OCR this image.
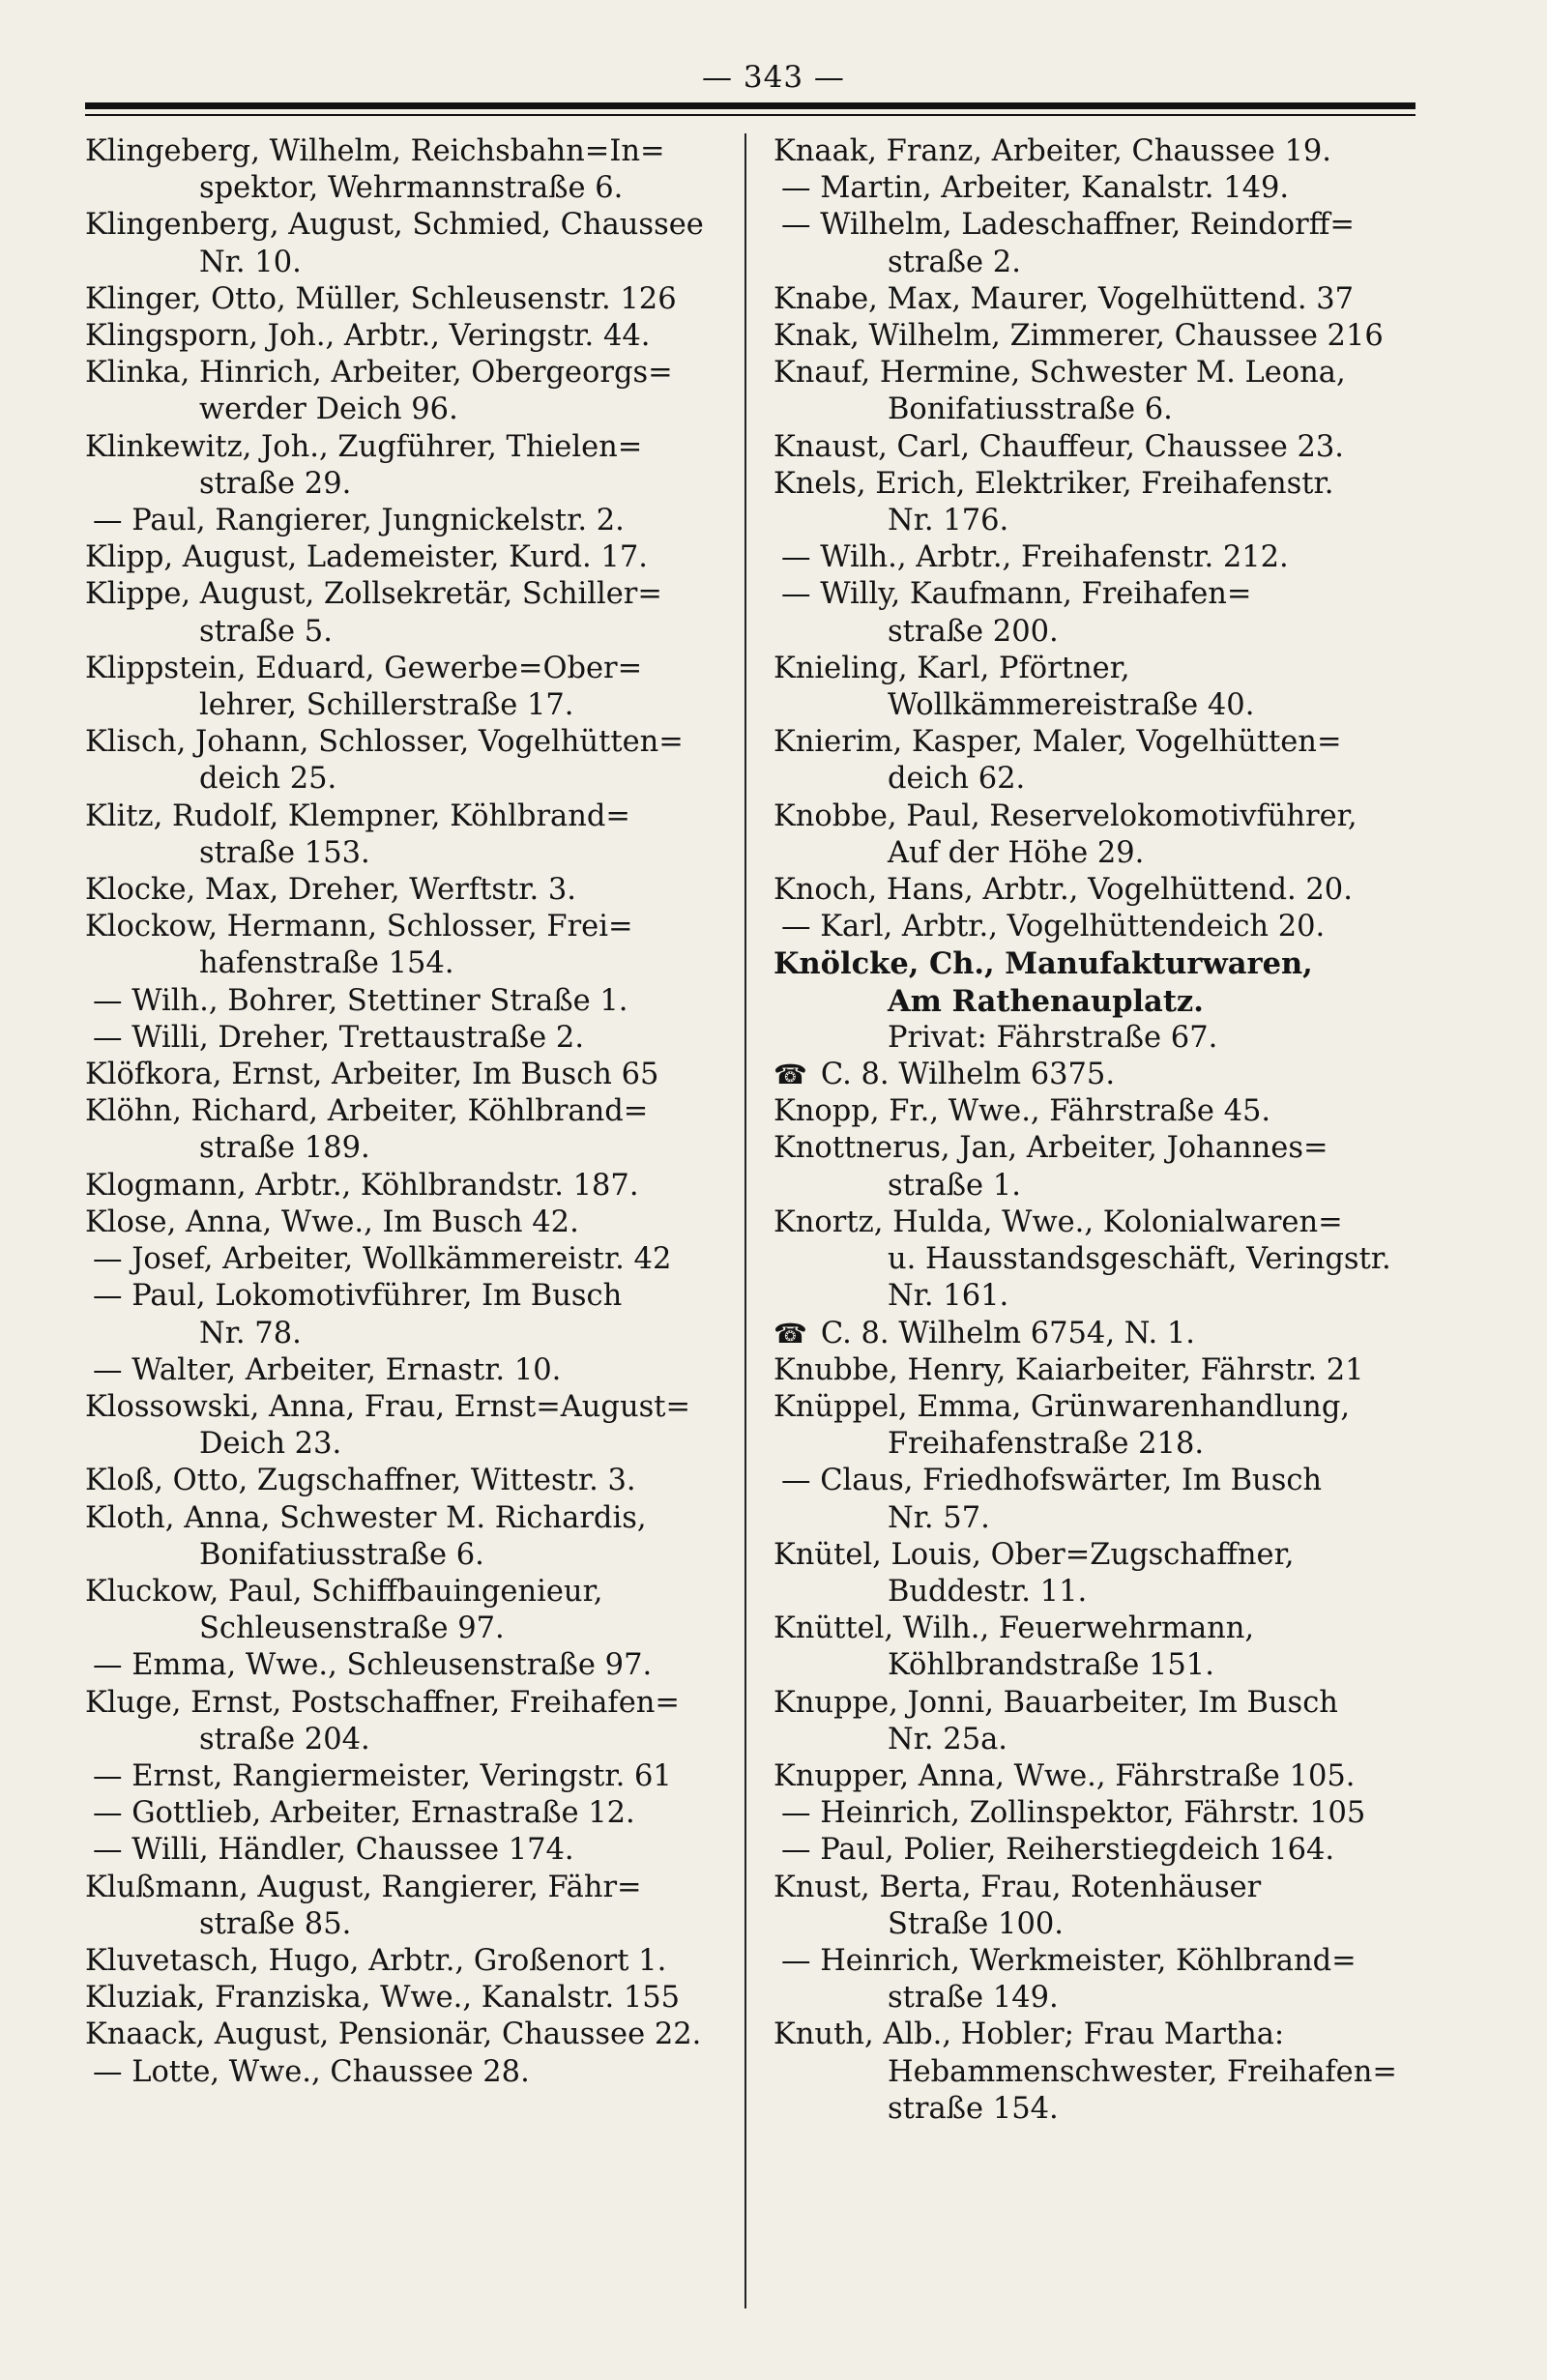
— 343 —
Klingeberg, Wilhelm, Reichsbahn=In=
spektor, Wehrmannstraße 6.
Klingenberg, August, Schmied, Chaussee
Nr. 10.
Klinger, Otto, Müller, Schleusenstr. 126
Klingsporn, Joh., Arbtr., Veringstr. 44.
Klinka, Hinrich, Arbeiter, Obergeorgs=
werder Deich 96.
Klinkewitz, Joh., Zugführer, Thielen=
straße 29.
— Paul, Rangierer, Jungnickelstr. 2.
Klipp, August, Lademeister, Kurd. 17.
Klippe, August, Zollsekretär, Schiller=
straße 5.
Klippstein, Eduard, Gewerbe=Ober=
lehrer, Schillerstraße 17.
Klisch, Johann, Schlosser, Vogelhütten=
deich 25.
Klitz, Rudolf, Klempner, Köhlbrand=
straße 153.
Klocke, Max, Dreher, Werftstr. 3.
Klockow, Hermann, Schlosser, Frei=
hafenstraße 154.
— Wilh., Bohrer, Stettiner Straße 1.
— Willi, Dreher, Trettaustraße 2.
Klöfkora, Ernst, Arbeiter, Im Busch 65
Klöhn, Richard, Arbeiter, Köhlbrand=
straße 189.
Klogmann, Arbtr., Köhlbrandstr. 187.
Klose, Anna, Wwe., Im Busch 42.
— Josef, Arbeiter, Wollkämmereistr. 42
— Paul, Lokomotivführer, Im Busch
Nr. 78.
— Walter, Arbeiter, Ernastr. 10.
Klossowski, Anna, Frau, Ernst=August=
Deich 23.
Kloß, Otto, Zugschaffner, Wittestr. 3.
Kloth, Anna, Schwester M. Richardis,
Bonifatiusstraße 6.
Kluckow, Paul, Schiffbauingenieur,
Schleusenstraße 97.
— Emma, Wwe., Schleusenstraße 97.
Kluge, Ernst, Postschaffner, Freihafen=
straße 204.
— Ernst, Rangiermeister, Veringstr. 61
— Gottlieb, Arbeiter, Ernastraße 12.
— Willi, Händler, Chaussee 174.
Klußmann, August, Rangierer, Fähr=
straße 85.
Kluvetasch, Hugo, Arbtr., Großenort 1.
Kluziak, Franziska, Wwe., Kanalstr. 155
Knaack, August, Pensionär, Chaussee 22.
— Lotte, Wwe., Chaussee 28.
Knaak, Franz, Arbeiter, Chaussee 19.
— Martin, Arbeiter, Kanalstr. 149.
— Wilhelm, Ladeschaffner, Reindorff=
straße 2.
Knabe, Max, Maurer, Vogelhüttend. 37
Knak, Wilhelm, Zimmerer, Chaussee 216
Knauf, Hermine, Schwester M. Leona,
Bonifatiusstraße 6.
Knaust, Carl, Chauffeur, Chaussee 23.
Knels, Erich, Elektriker, Freihafenstr.
Nr. 176.
— Wilh., Arbtr., Freihafenstr. 212.
— Willy, Kaufmann, Freihafen=
straße 200.
Knieling, Karl, Pförtner,
Wollkämmereistraße 40.
Knierim, Kasper, Maler, Vogelhütten=
deich 62.
Knobbe, Paul, Reservelokomotivführer,
Auf der Höhe 29.
Knoch, Hans, Arbtr., Vogelhüttend. 20.
— Karl, Arbtr., Vogelhüttendeich 20.
Knölcke, Ch., Manufakturwaren,
Am Rathenauplatz.
Privat: Fährstraße 67.
☎ C. 8. Wilhelm 6375.
Knopp, Fr., Wwe., Fährstraße 45.
Knottnerus, Jan, Arbeiter, Johannes=
straße 1.
Knortz, Hulda, Wwe., Kolonialwaren=
u. Hausstandsgeschäft, Veringstr.
Nr. 161.
☎ C. 8. Wilhelm 6754, N. 1.
Knubbe, Henry, Kaiarbeiter, Fährstr. 21
Knüppel, Emma, Grünwarenhandlung,
Freihafenstraße 218.
— Claus, Friedhofswärter, Im Busch
Nr. 57.
Knütel, Louis, Ober=Zugschaffner,
Buddestr. 11.
Knüttel, Wilh., Feuerwehrmann,
Köhlbrandstraße 151.
Knuppe, Jonni, Bauarbeiter, Im Busch
Nr. 25a.
Knupper, Anna, Wwe., Fährstraße 105.
— Heinrich, Zollinspektor, Fährstr. 105
— Paul, Polier, Reiherstiegdeich 164.
Knust, Berta, Frau, Rotenhäuser
Straße 100.
— Heinrich, Werkmeister, Köhlbrand=
straße 149.
Knuth, Alb., Hobler; Frau Martha:
Hebammenschwester, Freihafen=
straße 154.
